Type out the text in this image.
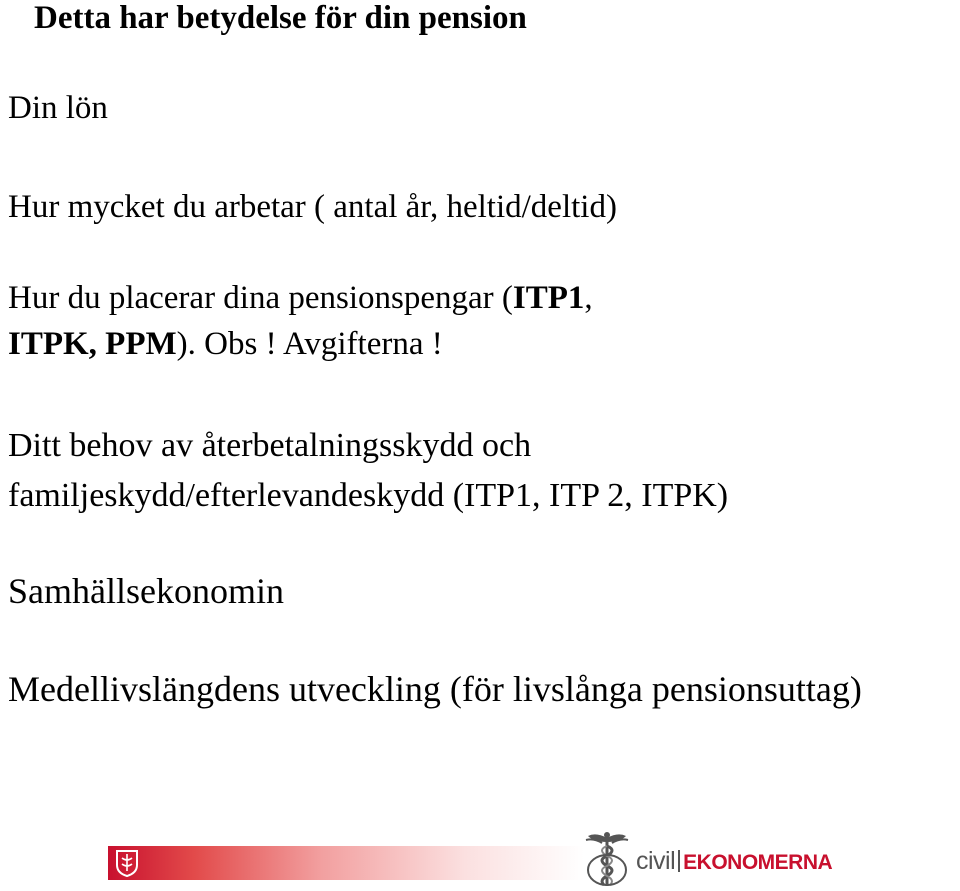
Detta har betydelse för din pension

Din lön

Hur mycket du arbetar ( antal år, heltid/deltid)

Hur du placerar dina pensionspengar (ITP1,
ITPK, PPM). Obs ! Avgifterna !

Ditt behov av återbetalningsskydd och
familjeskydd/efterlevandeskydd (ITP1, ITP 2, ITPK)

Samhällsekonomin

Medellivslängdens utveckling (för livslånga pensionsuttag)

civil EKONOMERNA
